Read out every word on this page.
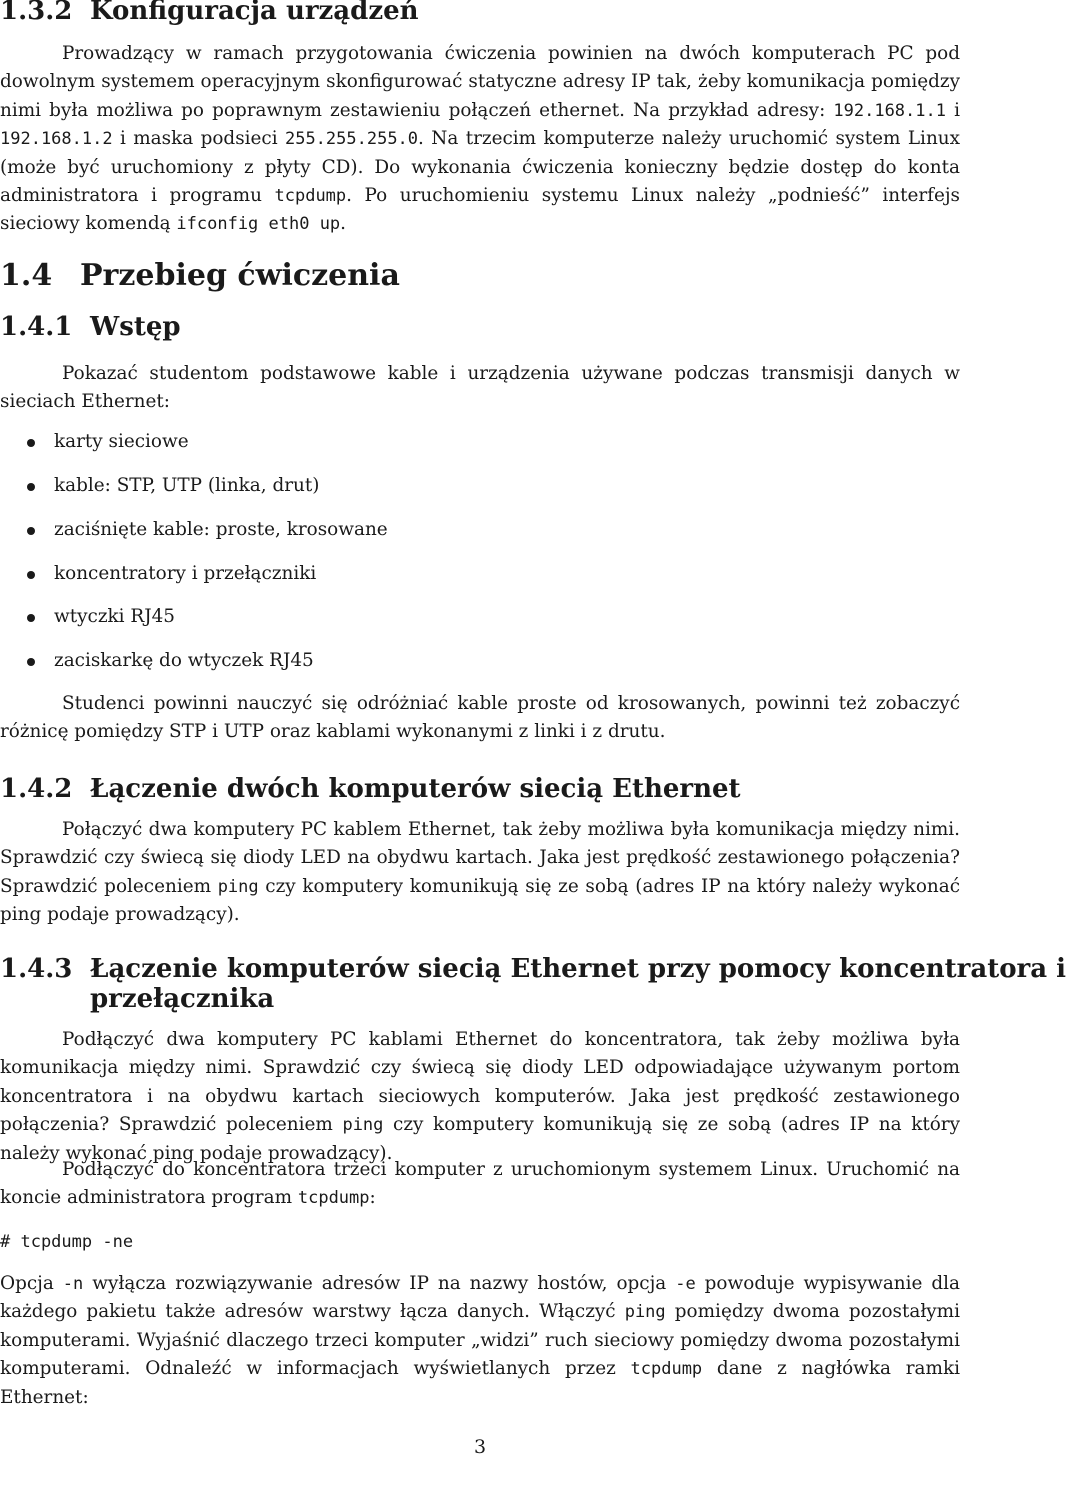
1.3.2 Konfiguracja urządzeń

Prowadzący w ramach przygotowania ćwiczenia powinien na dwóch komputerach PC pod dowolnym systemem operacyjnym skonfigurować statyczne adresy IP tak, żeby komunikacja pomiędzy nimi była możliwa po poprawnym zestawieniu połączeń ethernet. Na przykład adresy: 192.168.1.1 i 192.168.1.2 i maska podsieci 255.255.255.0. Na trzecim komputerze należy uruchomić system Linux (może być uruchomiony z płyty CD). Do wykonania ćwiczenia konieczny będzie dostęp do konta administratora i programu tcpdump. Po uruchomieniu systemu Linux należy „podnieść” interfejs sieciowy komendą ifconfig eth0 up.

1.4 Przebieg ćwiczenia
1.4.1 Wstęp

Pokazać studentom podstawowe kable i urządzenia używane podczas transmisji danych w sieciach Ethernet:

karty sieciowe
kable: STP, UTP (linka, drut)
zaciśnięte kable: proste, krosowane
koncentratory i przełączniki
wtyczki RJ45
zaciskarkę do wtyczek RJ45

Studenci powinni nauczyć się odróżniać kable proste od krosowanych, powinni też zobaczyć różnicę pomiędzy STP i UTP oraz kablami wykonanymi z linki i z drutu.

1.4.2 Łączenie dwóch komputerów siecią Ethernet

Połączyć dwa komputery PC kablem Ethernet, tak żeby możliwa była komunikacja między nimi. Sprawdzić czy świecą się diody LED na obydwu kartach. Jaka jest prędkość zestawionego połączenia? Sprawdzić poleceniem ping czy komputery komunikują się ze sobą (adres IP na który należy wykonać ping podaje prowadzący).

1.4.3 Łączenie komputerów siecią Ethernet przy pomocy koncentratora i
przełącznika

Podłączyć dwa komputery PC kablami Ethernet do koncentratora, tak żeby możliwa była komunikacja między nimi. Sprawdzić czy świecą się diody LED odpowiadające używanym portom koncentratora i na obydwu kartach sieciowych komputerów. Jaka jest prędkość zestawionego połączenia? Sprawdzić poleceniem ping czy komputery komunikują się ze sobą (adres IP na który należy wykonać ping podaje prowadzący).

Podłączyć do koncentratora trzeci komputer z uruchomionym systemem Linux. Uruchomić na koncie administratora program tcpdump:

# tcpdump -ne

Opcja -n wyłącza rozwiązywanie adresów IP na nazwy hostów, opcja -e powoduje wypisywanie dla każdego pakietu także adresów warstwy łącza danych. Włączyć ping pomiędzy dwoma pozostałymi komputerami. Wyjaśnić dlaczego trzeci komputer „widzi” ruch sieciowy pomiędzy dwoma pozostałymi komputerami. Odnaleźć w informacjach wyświetlanych przez tcpdump dane z nagłówka ramki Ethernet:

3
